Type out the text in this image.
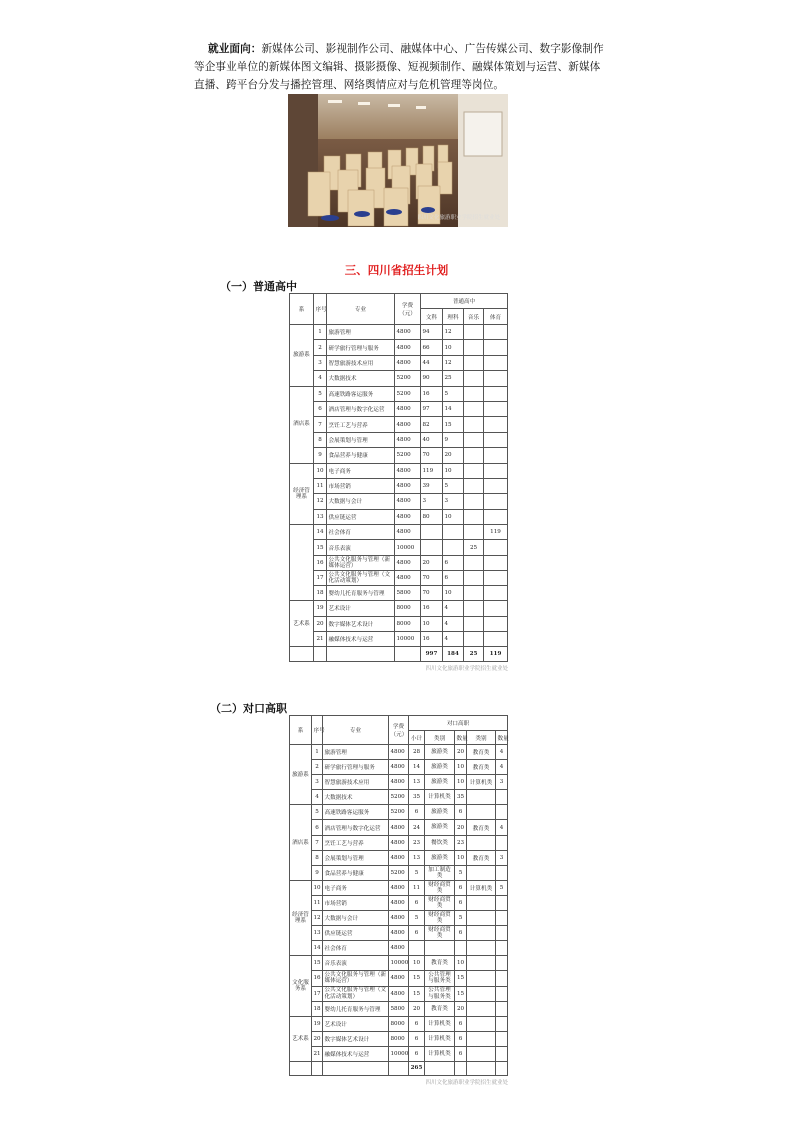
就业面向：新媒体公司、影视制作公司、融媒体中心、广告传媒公司、数字影像制作
等企事业单位的新媒体图文编辑、摄影摄像、短视频制作、融媒体策划与运营、新媒体
直播、跨平台分发与播控管理、网络舆情应对与危机管理等岗位。
四川文化旅游职业学院招生就业处
三、四川省招生计划
（一）普通高中
系	序号	专业	学费（元）	普通高中			
				文科	理科	音乐	体育
旅游系	1	旅游管理	4800	94	12		
	2	研学旅行管理与服务	4800	66	10		
	3	智慧旅游技术应用	4800	44	12		
	4	大数据技术	5200	90	25		
酒店系	5	高速铁路客运服务	5200	16	5		
	6	酒店管理与数字化运营	4800	97	14		
	7	烹饪工艺与营养	4800	82	15		
	8	会展策划与管理	4800	40	9		
	9	食品营养与健康	5200	70	20		
经济管理系	10	电子商务	4800	119	10		
	11	市场营销	4800	39	5		
	12	大数据与会计	4800	3	3		
	13	供应链运营	4800	80	10		
	14	社会体育	4800				119
	15	音乐表演	10000			25	
	16	公共文化服务与管理（新媒体运营）	4800	20	6		
	17	公共文化服务与管理（文化活动策划）	4800	70	6		
	18	婴幼儿托育服务与管理	5800	70	10		
艺术系	19	艺术设计	8000	16	4		
	20	数字媒体艺术设计	8000	10	4		
	21	融媒体技术与运营	10000	16	4		
				997	184	25	119
四川文化旅游职业学院招生就业处
（二）对口高职
系	序号	专业	学费（元）	对口高职				
				小计	类别	数量	类别	数量
旅游系	1	旅游管理	4800	28	旅游类	20	教育类	4
	2	研学旅行管理与服务	4800	14	旅游类	10	教育类	4
	3	智慧旅游技术应用	4800	13	旅游类	10	计算机类	3
	4	大数据技术	5200	35	计算机类	35		
酒店系	5	高速铁路客运服务	5200	6	旅游类	6		
	6	酒店管理与数字化运营	4800	24	旅游类	20	教育类	4
	7	烹饪工艺与营养	4800	23	餐饮类	23		
	8	会展策划与管理	4800	13	旅游类	10	教育类	3
	9	食品营养与健康	5200	5	加工制造类	5		
经济管理系	10	电子商务	4800	11	财经商贸类	6	计算机类	5
	11	市场营销	4800	6	财经商贸类	6		
	12	大数据与会计	4800	5	财经商贸类	5		
	13	供应链运营	4800	6	财经商贸类	6		
	14	社会体育	4800					
文化服务系	15	音乐表演	10000	10	教育类	10		
	16	公共文化服务与管理（新媒体运营）	4800	15	公共管理与服务类	15		
	17	公共文化服务与管理（文化活动策划）	4800	15	公共管理与服务类	15		
	18	婴幼儿托育服务与管理	5800	20	教育类	20		
艺术系	19	艺术设计	8000	6	计算机类	6		
	20	数字媒体艺术设计	8000	6	计算机类	6		
	21	融媒体技术与运营	10000	6	计算机类	6		
				265				
四川文化旅游职业学院招生就业处
